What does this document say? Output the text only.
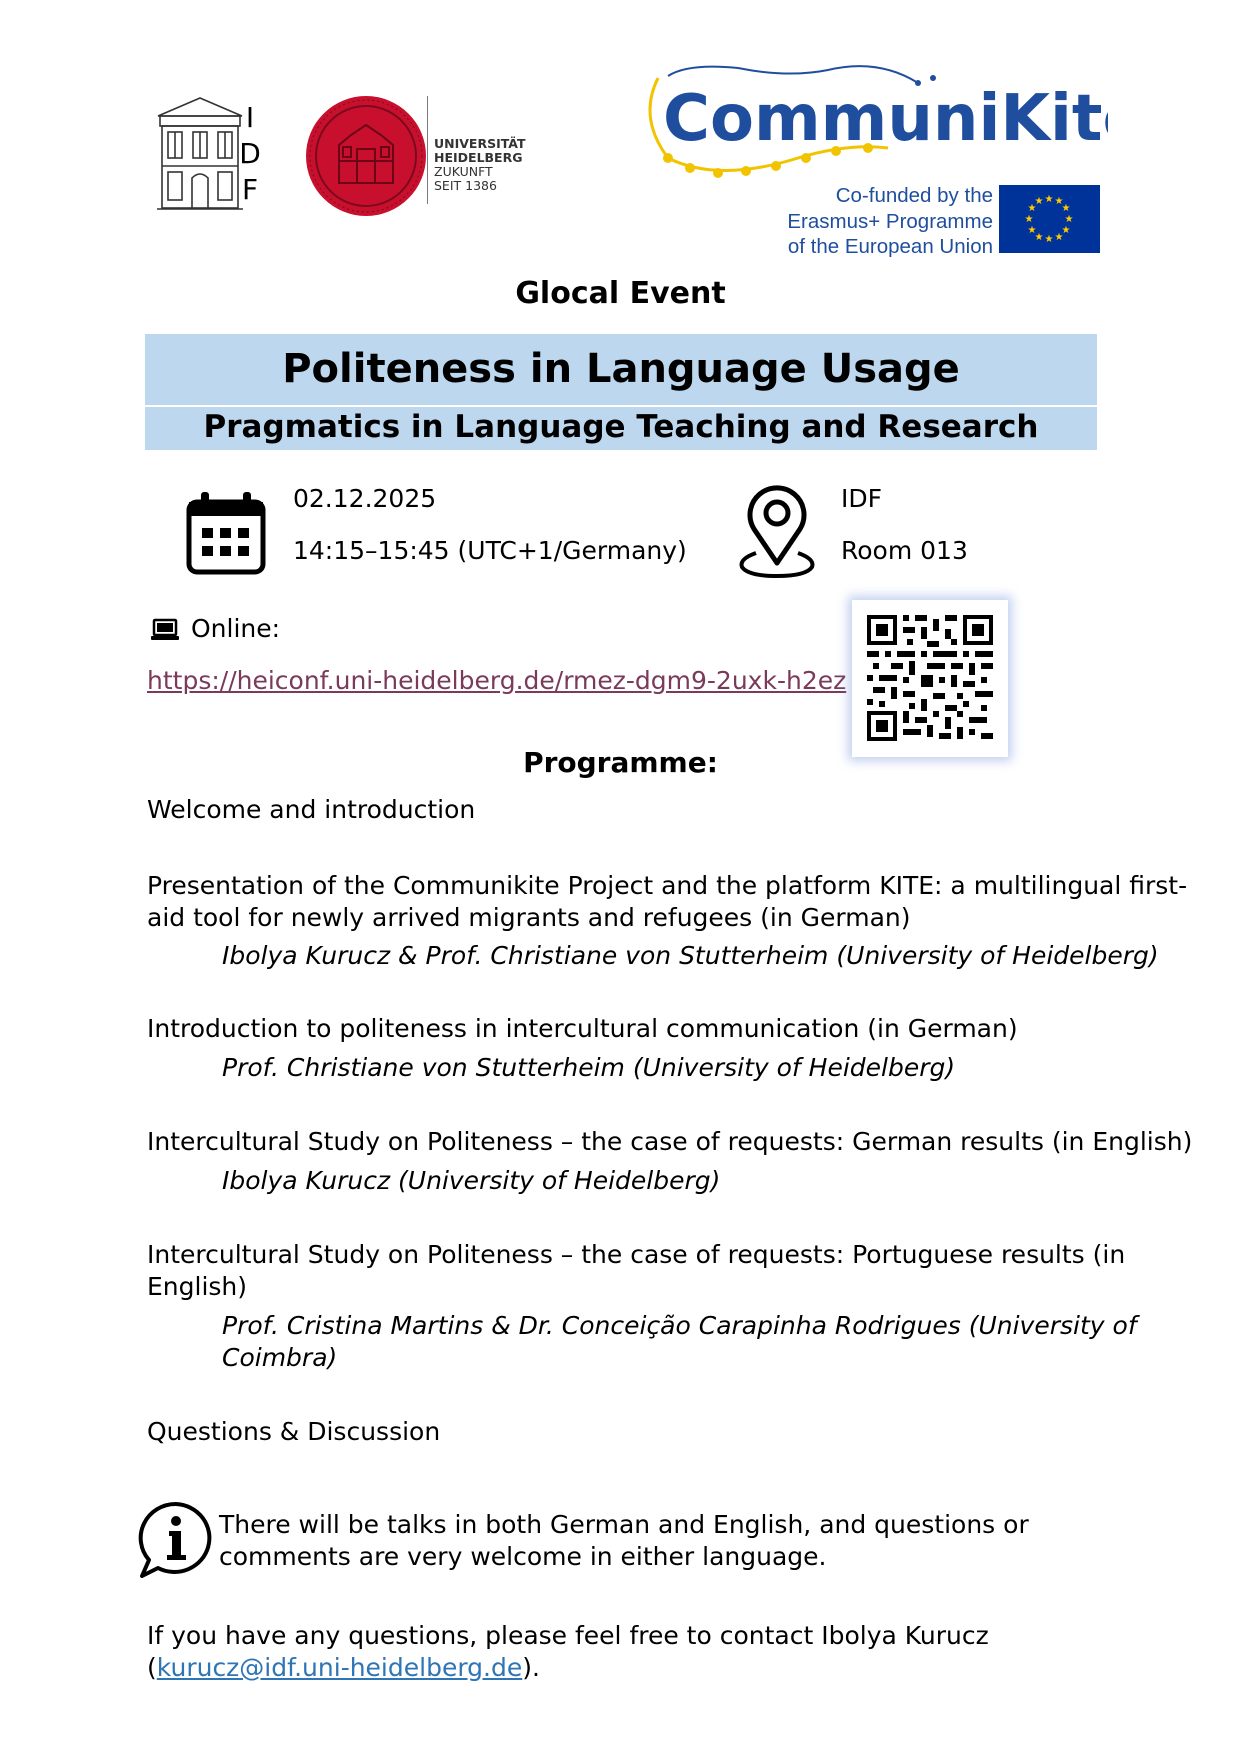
I
D
F
UNIVERSITÄT
HEIDELBERG
ZUKUNFT
SEIT 1386
CommuniKite
Co-funded by the
Erasmus+ Programme
of the European Union
★ ★
★
★
★
★
★
★
★
★
★
★
Glocal Event
Politeness in Language Usage
Pragmatics in Language Teaching and Research
02.12.2025
14:15–15:45 (UTC+1/Germany)
IDF
Room 013
Online:
https://heiconf.uni-heidelberg.de/rmez-dgm9-2uxk-h2ez
Programme:
Welcome and introduction
Presentation of the Communikite Project and the platform KITE: a multilingual first-
aid tool for newly arrived migrants and refugees (in German)
Ibolya Kurucz & Prof. Christiane von Stutterheim (University of Heidelberg)
Introduction to politeness in intercultural communication (in German)
Prof. Christiane von Stutterheim (University of Heidelberg)
Intercultural Study on Politeness – the case of requests: German results (in English)
Ibolya Kurucz (University of Heidelberg)
Intercultural Study on Politeness – the case of requests: Portuguese results (in
English)
Prof. Cristina Martins & Dr. Conceição Carapinha Rodrigues (University of
Coimbra)
Questions & Discussion
There will be talks in both German and English, and questions or
comments are very welcome in either language.
If you have any questions, please feel free to contact Ibolya Kurucz
(kurucz@idf.uni-heidelberg.de).
